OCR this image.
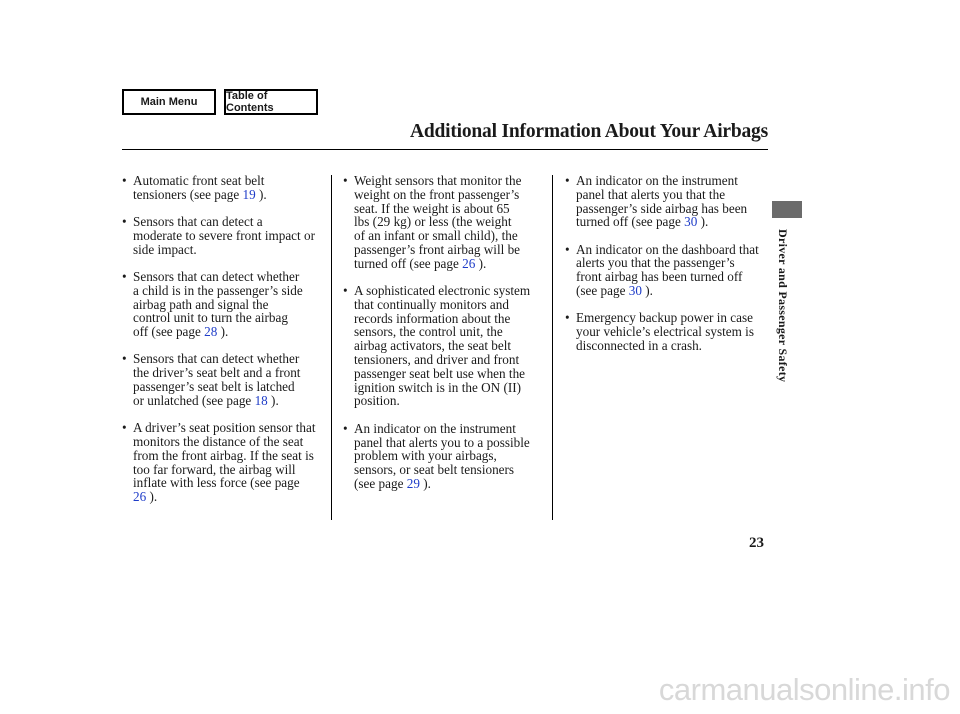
Main Menu	Table of Contents
Additional Information About Your Airbags
• Automatic front seat belt
tensioners (see page 19 ).
• Sensors that can detect a
moderate to severe front impact or
side impact.
• Sensors that can detect whether
a child is in the passenger’s side
airbag path and signal the
control unit to turn the airbag
off (see page 28 ).
• Sensors that can detect whether
the driver’s seat belt and a front
passenger’s seat belt is latched
or unlatched (see page 18 ).
• A driver’s seat position sensor that
monitors the distance of the seat
from the front airbag. If the seat is
too far forward, the airbag will
inflate with less force (see page
26 ).
• Weight sensors that monitor the
weight on the front passenger’s
seat. If the weight is about 65
lbs (29 kg) or less (the weight
of an infant or small child), the
passenger’s front airbag will be
turned off (see page 26 ).
• A sophisticated electronic system
that continually monitors and
records information about the
sensors, the control unit, the
airbag activators, the seat belt
tensioners, and driver and front
passenger seat belt use when the
ignition switch is in the ON (II)
position.
• An indicator on the instrument
panel that alerts you to a possible
problem with your airbags,
sensors, or seat belt tensioners
(see page 29 ).
• An indicator on the instrument
panel that alerts you that the
passenger’s side airbag has been
turned off (see page 30 ).
• An indicator on the dashboard that
alerts you that the passenger’s
front airbag has been turned off
(see page 30 ).
• Emergency backup power in case
your vehicle’s electrical system is
disconnected in a crash.	Driver and Passenger Safety
23
carmanualsonline.info
